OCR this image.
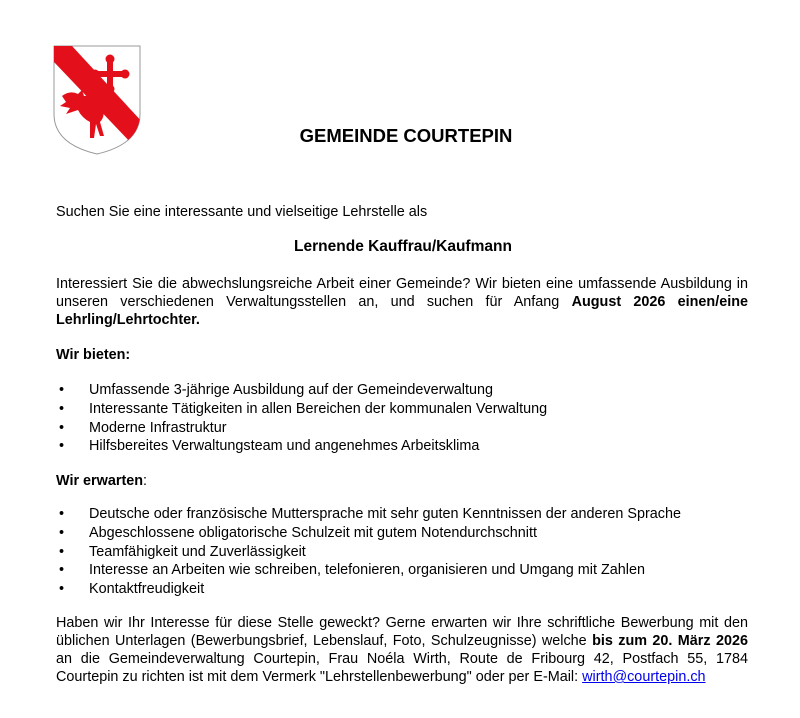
GEMEINDE COURTEPIN
Suchen Sie eine interessante und vielseitige Lehrstelle als
Lernende Kauffrau/Kaufmann
Interessiert Sie die abwechslungsreiche Arbeit einer Gemeinde? Wir bieten eine umfassende Ausbildung in unseren verschiedenen Verwaltungsstellen an, und suchen für Anfang August 2026 einen/eine Lehrling/Lehrtochter.
Wir bieten:
• Umfassende 3-jährige Ausbildung auf der Gemeindeverwaltung
• Interessante Tätigkeiten in allen Bereichen der kommunalen Verwaltung
• Moderne Infrastruktur
• Hilfsbereites Verwaltungsteam und angenehmes Arbeitsklima
Wir erwarten:
• Deutsche oder französische Muttersprache mit sehr guten Kenntnissen der anderen Sprache
• Abgeschlossene obligatorische Schulzeit mit gutem Notendurchschnitt
• Teamfähigkeit und Zuverlässigkeit
• Interesse an Arbeiten wie schreiben, telefonieren, organisieren und Umgang mit Zahlen
• Kontaktfreudigkeit
Haben wir Ihr Interesse für diese Stelle geweckt? Gerne erwarten wir Ihre schriftliche Bewerbung mit den üblichen Unterlagen (Bewerbungsbrief, Lebenslauf, Foto, Schulzeugnisse) welche bis zum 20. März 2026 an die Gemeindeverwaltung Courtepin, Frau Noéla Wirth, Route de Fribourg 42, Postfach 55, 1784 Courtepin zu richten ist mit dem Vermerk "Lehrstellenbewerbung" oder per E-Mail: wirth@courtepin.ch
